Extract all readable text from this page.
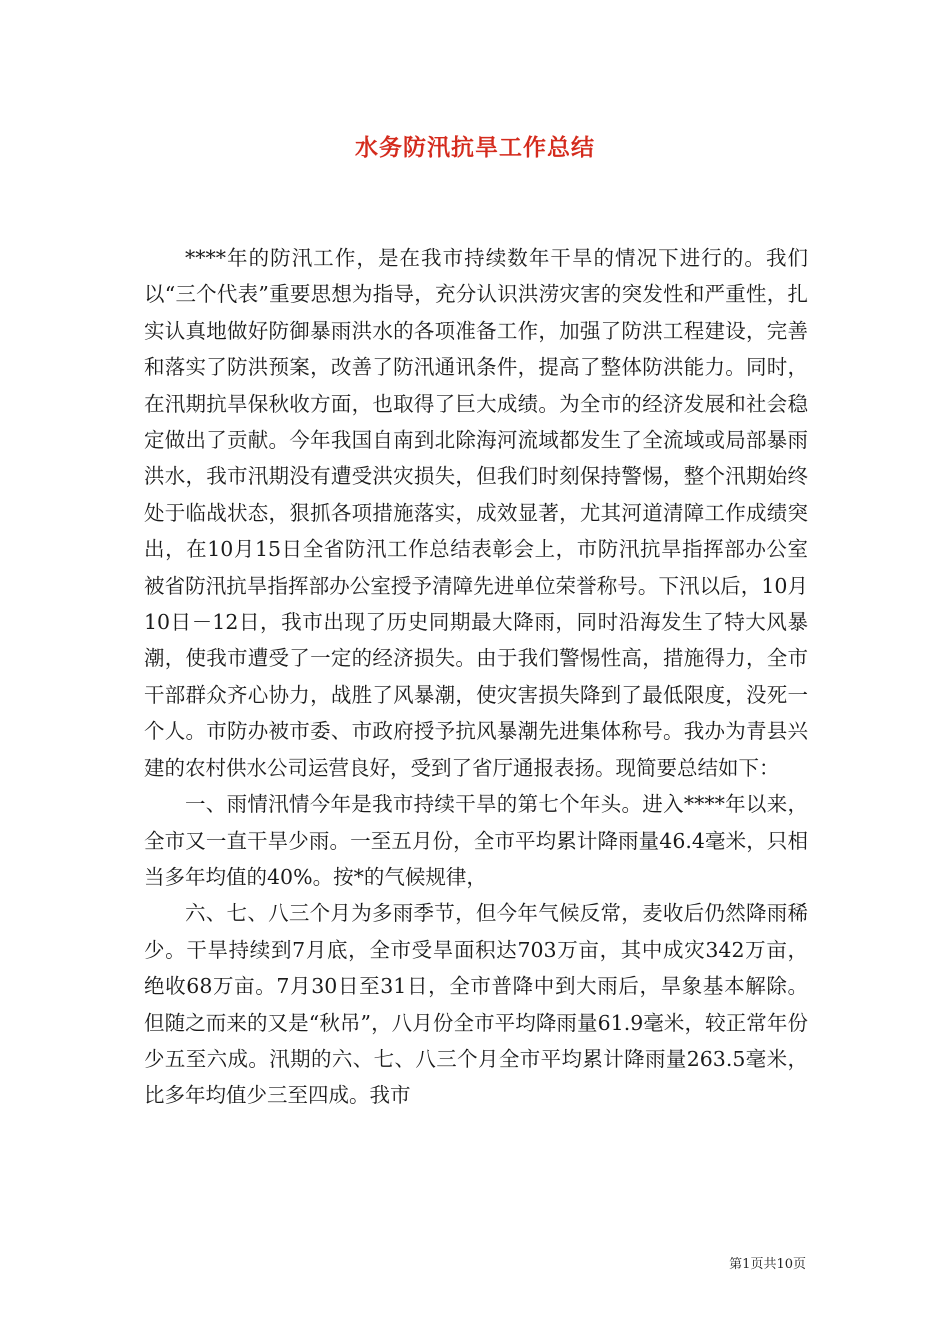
水务防汛抗旱工作总结

****年的防汛工作，是在我市持续数年干旱的情况下进行的。我们以“三个代表”重要思想为指导，充分认识洪涝灾害的突发性和严重性，扎实认真地做好防御暴雨洪水的各项准备工作，加强了防洪工程建设，完善和落实了防洪预案，改善了防汛通讯条件，提高了整体防洪能力。同时，在汛期抗旱保秋收方面，也取得了巨大成绩。为全市的经济发展和社会稳定做出了贡献。今年我国自南到北除海河流域都发生了全流域或局部暴雨洪水，我市汛期没有遭受洪灾损失，但我们时刻保持警惕，整个汛期始终处于临战状态，狠抓各项措施落实，成效显著，尤其河道清障工作成绩突出，在10月15日全省防汛工作总结表彰会上，市防汛抗旱指挥部办公室被省防汛抗旱指挥部办公室授予清障先进单位荣誉称号。下汛以后，10月10日－12日，我市出现了历史同期最大降雨，同时沿海发生了特大风暴潮，使我市遭受了一定的经济损失。由于我们警惕性高，措施得力，全市干部群众齐心协力，战胜了风暴潮，使灾害损失降到了最低限度，没死一个人。市防办被市委、市政府授予抗风暴潮先进集体称号。我办为青县兴建的农村供水公司运营良好，受到了省厅通报表扬。现简要总结如下：

一、雨情汛情今年是我市持续干旱的第七个年头。进入****年以来，全市又一直干旱少雨。一至五月份，全市平均累计降雨量46.4毫米，只相当多年均值的40%。按*的气候规律，

六、七、八三个月为多雨季节，但今年气候反常，麦收后仍然降雨稀少。干旱持续到7月底，全市受旱面积达703万亩，其中成灾342万亩，绝收68万亩。7月30日至31日，全市普降中到大雨后，旱象基本解除。但随之而来的又是“秋吊”，八月份全市平均降雨量61.9毫米，较正常年份少五至六成。汛期的六、七、八三个月全市平均累计降雨量263.5毫米，比多年均值少三至四成。我市

第1页共10页
